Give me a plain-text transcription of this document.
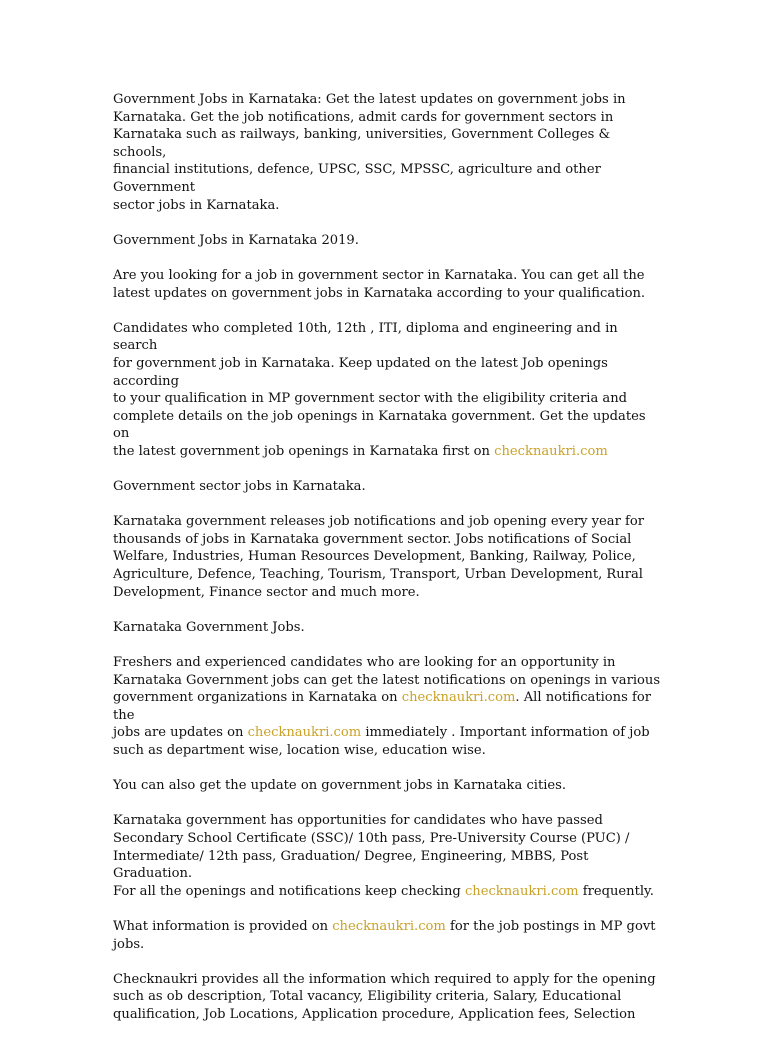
Government Jobs in Karnataka: Get the latest updates on government jobs in
Karnataka. Get the job notifications, admit cards for government sectors in
Karnataka such as railways, banking, universities, Government Colleges & schools,
financial institutions, defence, UPSC, SSC, MPSSC, agriculture and other Government
sector jobs in Karnataka.

Government Jobs in Karnataka 2019.

Are you looking for a job in government sector in Karnataka. You can get all the
latest updates on government jobs in Karnataka according to your qualification.

Candidates who completed 10th, 12th , ITI, diploma and engineering and in search
for government job in Karnataka. Keep updated on the latest Job openings according
to your qualification in MP government sector with the eligibility criteria and
complete details on the job openings in Karnataka government. Get the updates on
the latest government job openings in Karnataka first on checknaukri.com

Government sector jobs in Karnataka.

Karnataka government releases job notifications and job opening every year for
thousands of jobs in Karnataka government sector. Jobs notifications of Social
Welfare, Industries, Human Resources Development, Banking, Railway, Police,
Agriculture, Defence, Teaching, Tourism, Transport, Urban Development, Rural
Development, Finance sector and much more.

Karnataka Government Jobs.

Freshers and experienced candidates who are looking for an opportunity in
Karnataka Government jobs can get the latest notifications on openings in various
government organizations in Karnataka on checknaukri.com. All notifications for the
jobs are updates on checknaukri.com immediately . Important information of job
such as department wise, location wise, education wise.

You can also get the update on government jobs in Karnataka cities.

Karnataka government has opportunities for candidates who have passed
Secondary School Certificate (SSC)/ 10th pass, Pre-University Course (PUC) /
Intermediate/ 12th pass, Graduation/ Degree, Engineering, MBBS, Post Graduation.
For all the openings and notifications keep checking checknaukri.com frequently.

What information is provided on checknaukri.com for the job postings in MP govt
jobs.

Checknaukri provides all the information which required to apply for the opening
such as ob description, Total vacancy, Eligibility criteria, Salary, Educational
qualification, Job Locations, Application procedure, Application fees, Selection
